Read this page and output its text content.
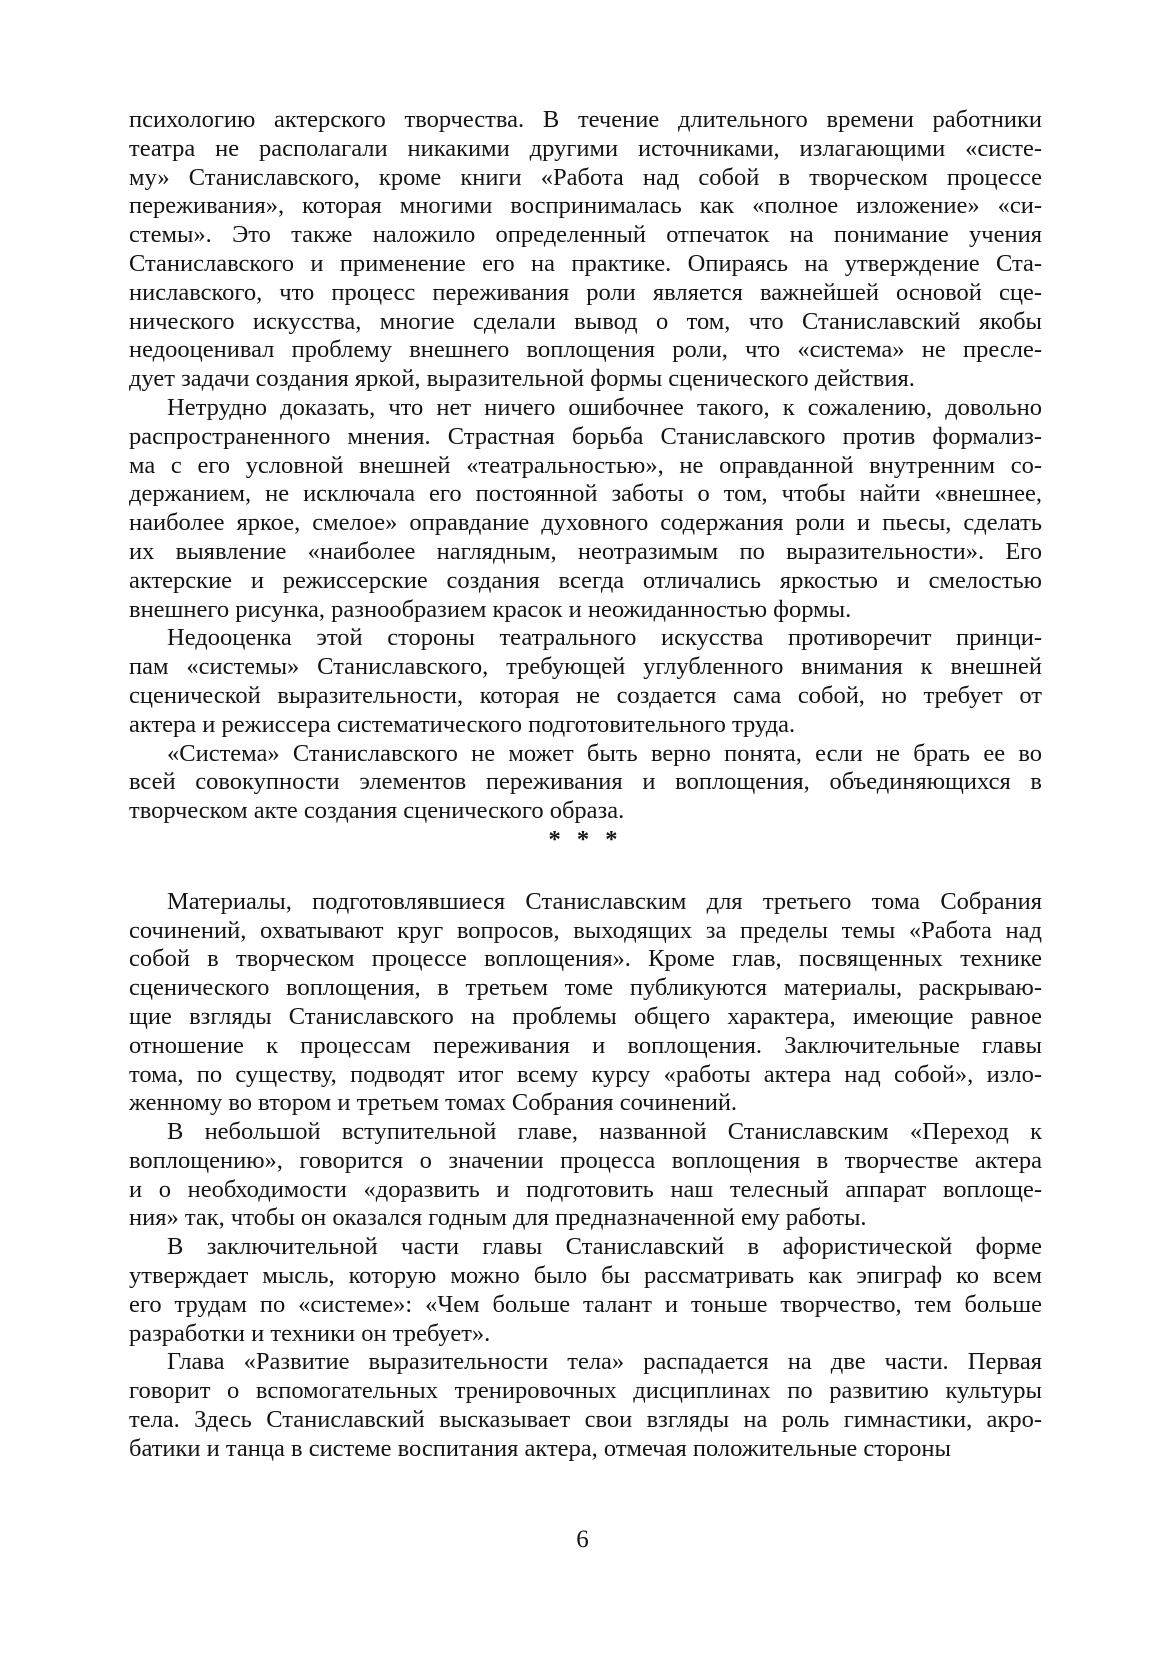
психологию актерского творчества. В течение длительного времени работники
театра не располагали никакими другими источниками, излагающими «систе-
му» Станиславского, кроме книги «Работа над собой в творческом процессе
переживания», которая многими воспринималась как «полное изложение» «си-
стемы». Это также наложило определенный отпечаток на понимание учения
Станиславского и применение его на практике. Опираясь на утверждение Ста-
ниславского, что процесс переживания роли является важнейшей основой сце-
нического искусства, многие сделали вывод о том, что Станиславский якобы
недооценивал проблему внешнего воплощения роли, что «система» не пресле-
дует задачи создания яркой, выразительной формы сценического действия.
Нетрудно доказать, что нет ничего ошибочнее такого, к сожалению, довольно
распространенного мнения. Страстная борьба Станиславского против формализ-
ма с его условной внешней «театральностью», не оправданной внутренним со-
держанием, не исключала его постоянной заботы о том, чтобы найти «внешнее,
наиболее яркое, смелое» оправдание духовного содержания роли и пьесы, сделать
их выявление «наиболее наглядным, неотразимым по выразительности». Его
актерские и режиссерские создания всегда отличались яркостью и смелостью
внешнего рисунка, разнообразием красок и неожиданностью формы.
Недооценка этой стороны театрального искусства противоречит принци-
пам «системы» Станиславского, требующей углубленного внимания к внешней
сценической выразительности, которая не создается сама собой, но требует от
актера и режиссера систематического подготовительного труда.
«Система» Станиславского не может быть верно понята, если не брать ее во
всей совокупности элементов переживания и воплощения, объединяющихся в
творческом акте создания сценического образа.
* * *
Материалы, подготовлявшиеся Станиславским для третьего тома Собрания
сочинений, охватывают круг вопросов, выходящих за пределы темы «Работа над
собой в творческом процессе воплощения». Кроме глав, посвященных технике
сценического воплощения, в третьем томе публикуются материалы, раскрываю-
щие взгляды Станиславского на проблемы общего характера, имеющие равное
отношение к процессам переживания и воплощения. Заключительные главы
тома, по существу, подводят итог всему курсу «работы актера над собой», изло-
женному во втором и третьем томах Собрания сочинений.
В небольшой вступительной главе, названной Станиславским «Переход к
воплощению», говорится о значении процесса воплощения в творчестве актера
и о необходимости «доразвить и подготовить наш телесный аппарат воплоще-
ния» так, чтобы он оказался годным для предназначенной ему работы.
В заключительной части главы Станиславский в афористической форме
утверждает мысль, которую можно было бы рассматривать как эпиграф ко всем
его трудам по «системе»: «Чем больше талант и тоньше творчество, тем больше
разработки и техники он требует».
Глава «Развитие выразительности тела» распадается на две части. Первая
говорит о вспомогательных тренировочных дисциплинах по развитию культуры
тела. Здесь Станиславский высказывает свои взгляды на роль гимнастики, акро-
батики и танца в системе воспитания актера, отмечая положительные стороны
6
